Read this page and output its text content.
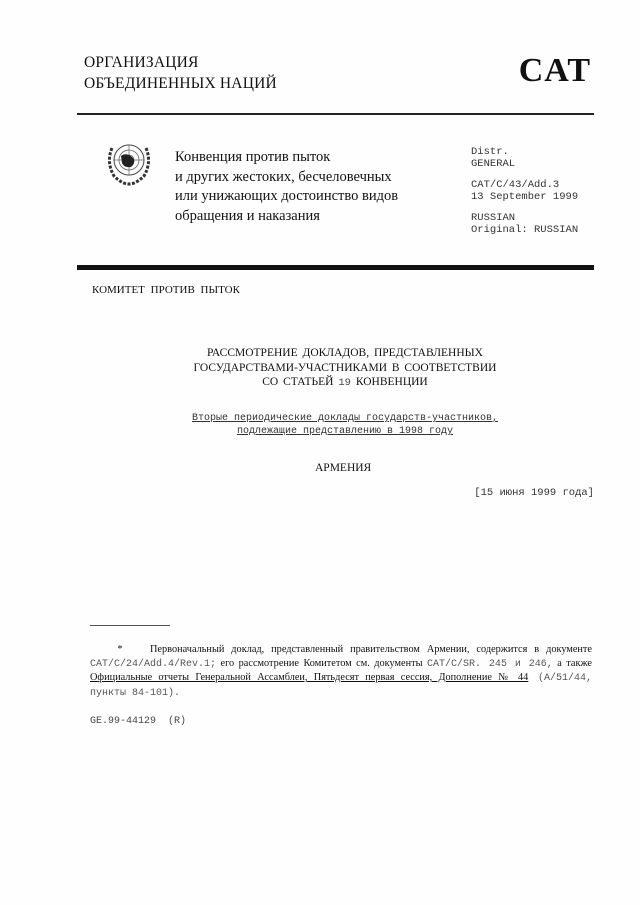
ОРГАНИЗАЦИЯ
ОБЪЕДИНЕННЫХ НАЦИЙ	CAT
Конвенция против пыток
и других жестоких, бесчеловечных
или унижающих достоинство видов
обращения и наказания
Distr.
GENERAL
CAT/C/43/Add.3
13 September 1999
RUSSIAN
Original: RUSSIAN
КОМИТЕТ ПРОТИВ ПЫТОК
РАССМОТРЕНИЕ ДОКЛАДОВ, ПРЕДСТАВЛЕННЫХ
ГОСУДАРСТВАМИ-УЧАСТНИКАМИ В СООТВЕТСТВИИ
СО СТАТЬЕЙ 19 КОНВЕНЦИИ
Вторые периодические доклады государств-участников,
подлежащие представлению в 1998 году
АРМЕНИЯ
[15 июня 1999 года]
*	Первоначальный доклад, представленный правительством Армении, содержится в документе CAT/C/24/Add.4/Rev.1; его рассмотрение Комитетом см. документы CAT/C/SR. 245 и 246, а также Официальные отчеты Генеральной Ассамблеи, Пятьдесят первая сессия, Дополнение № 44 (A/51/44, пункты 84-101).
GE.99-44129 (R)
